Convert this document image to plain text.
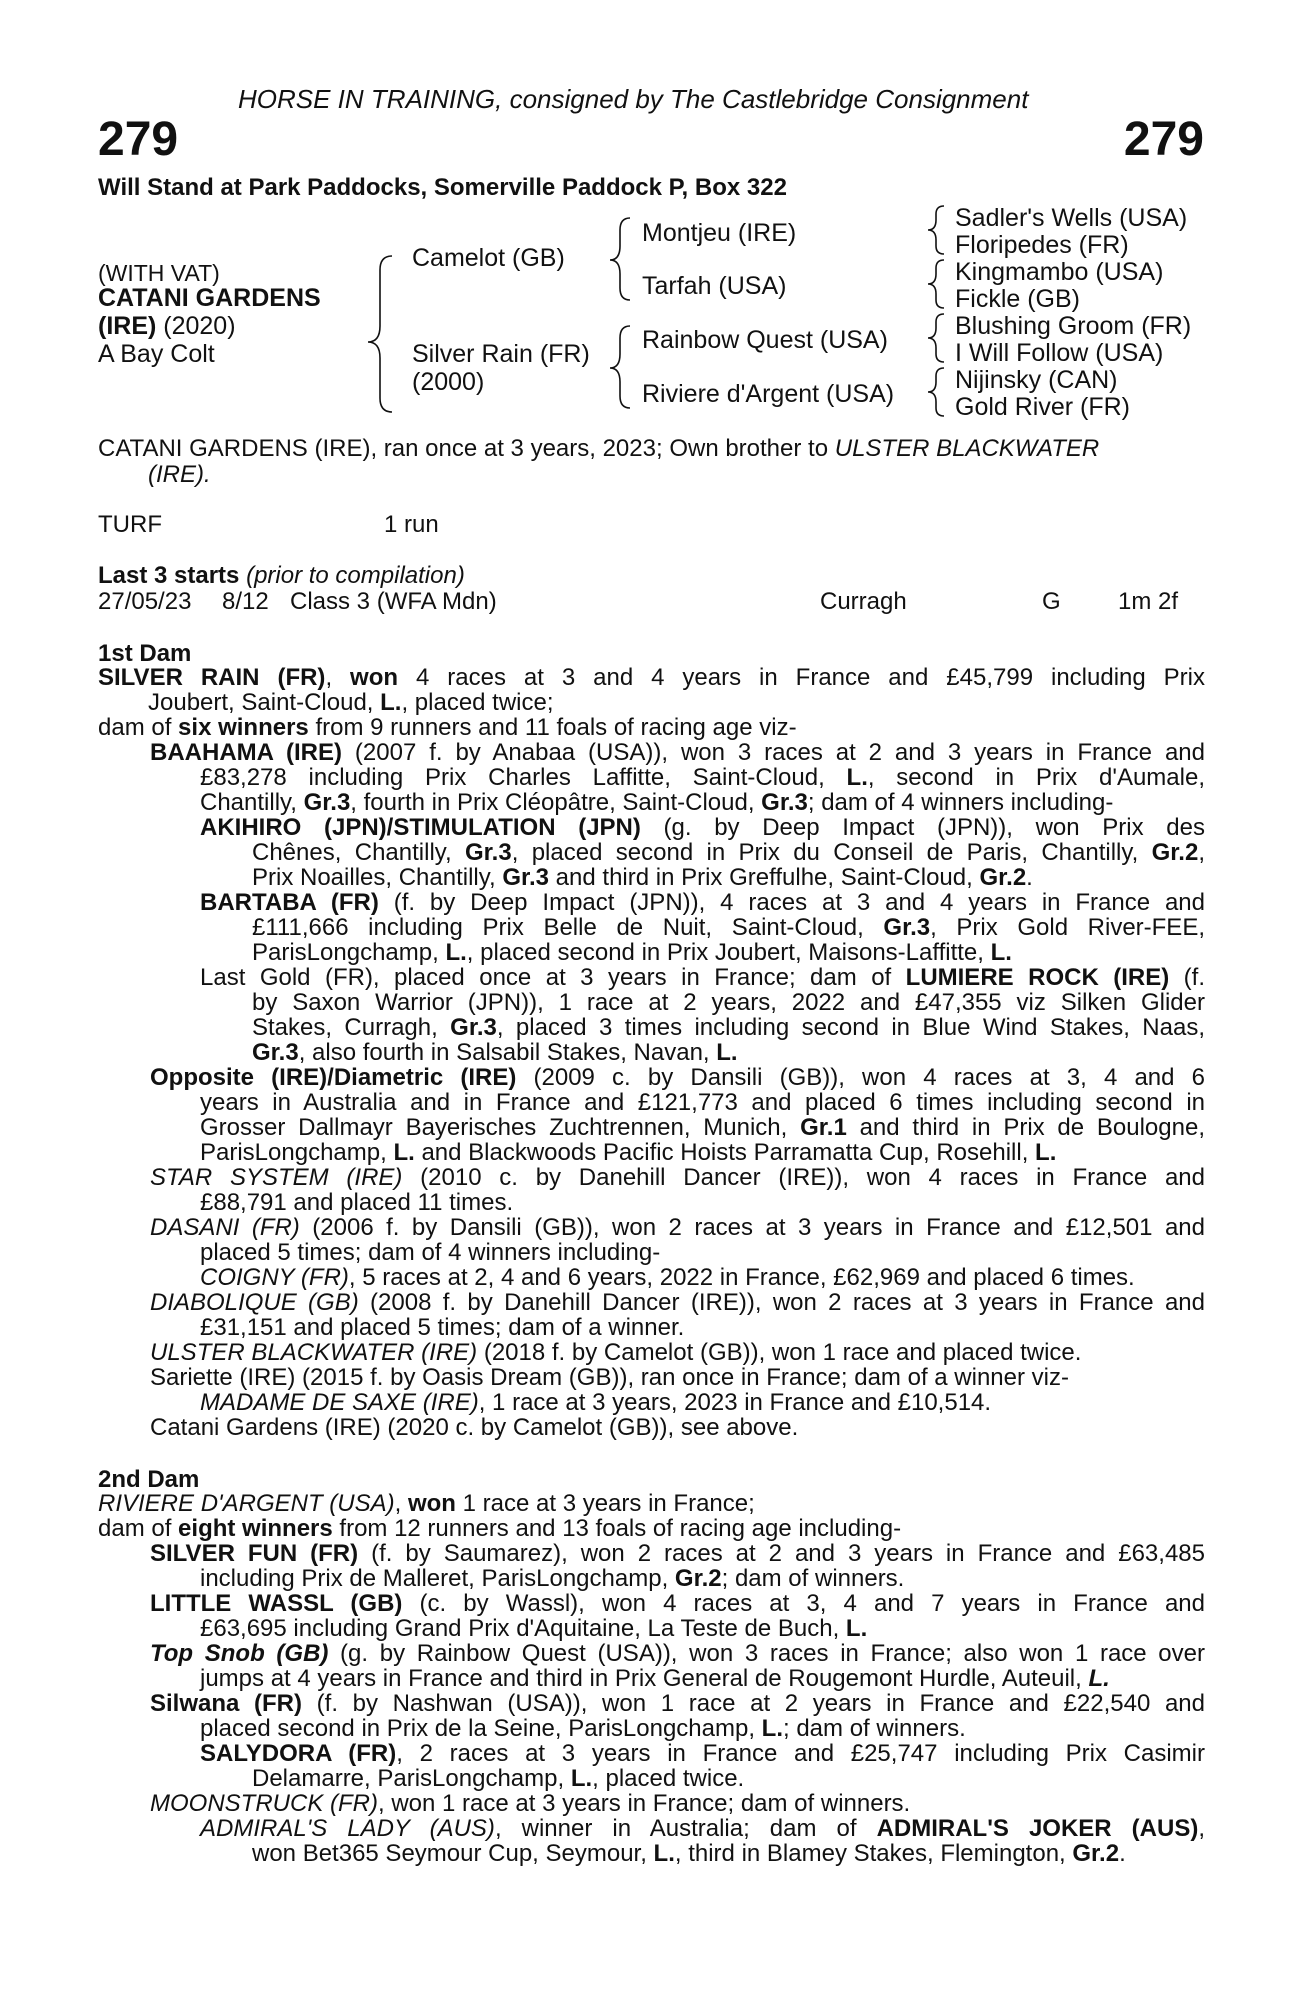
HORSE IN TRAINING, consigned by The Castlebridge Consignment
279	279
Will Stand at Park Paddocks, Somerville Paddock P, Box 322
(WITH VAT)
CATANI GARDENS
(IRE) (2020)
A Bay Colt
Camelot (GB)
Silver Rain (FR)
(2000)
Montjeu (IRE)
Tarfah (USA)
Rainbow Quest (USA)
Riviere d'Argent (USA)
Sadler's Wells (USA)
Floripedes (FR)
Kingmambo (USA)
Fickle (GB)
Blushing Groom (FR)
I Will Follow (USA)
Nijinsky (CAN)
Gold River (FR)
CATANI GARDENS (IRE), ran once at 3 years, 2023; Own brother to ULSTER BLACKWATER
(IRE).
TURF	1 run
Last 3 starts (prior to compilation)
27/05/23 8/12 Class 3 (WFA Mdn)	Curragh	G 1m 2f
1st Dam
SILVER RAIN (FR), won 4 races at 3 and 4 years in France and £45,799 including Prix
Joubert, Saint-Cloud, L., placed twice;
dam of six winners from 9 runners and 11 foals of racing age viz-
BAAHAMA (IRE) (2007 f. by Anabaa (USA)), won 3 races at 2 and 3 years in France and
£83,278 including Prix Charles Laffitte, Saint-Cloud, L., second in Prix d'Aumale,
Chantilly, Gr.3, fourth in Prix Cléopâtre, Saint-Cloud, Gr.3; dam of 4 winners including-
AKIHIRO (JPN)/STIMULATION (JPN) (g. by Deep Impact (JPN)), won Prix des
Chênes, Chantilly, Gr.3, placed second in Prix du Conseil de Paris, Chantilly, Gr.2,
Prix Noailles, Chantilly, Gr.3 and third in Prix Greffulhe, Saint-Cloud, Gr.2.
BARTABA (FR) (f. by Deep Impact (JPN)), 4 races at 3 and 4 years in France and
£111,666 including Prix Belle de Nuit, Saint-Cloud, Gr.3, Prix Gold River-FEE,
ParisLongchamp, L., placed second in Prix Joubert, Maisons-Laffitte, L.
Last Gold (FR), placed once at 3 years in France; dam of LUMIERE ROCK (IRE) (f.
by Saxon Warrior (JPN)), 1 race at 2 years, 2022 and £47,355 viz Silken Glider
Stakes, Curragh, Gr.3, placed 3 times including second in Blue Wind Stakes, Naas,
Gr.3, also fourth in Salsabil Stakes, Navan, L.
Opposite (IRE)/Diametric (IRE) (2009 c. by Dansili (GB)), won 4 races at 3, 4 and 6
years in Australia and in France and £121,773 and placed 6 times including second in
Grosser Dallmayr Bayerisches Zuchtrennen, Munich, Gr.1 and third in Prix de Boulogne,
ParisLongchamp, L. and Blackwoods Pacific Hoists Parramatta Cup, Rosehill, L.
STAR SYSTEM (IRE) (2010 c. by Danehill Dancer (IRE)), won 4 races in France and
£88,791 and placed 11 times.
DASANI (FR) (2006 f. by Dansili (GB)), won 2 races at 3 years in France and £12,501 and
placed 5 times; dam of 4 winners including-
COIGNY (FR), 5 races at 2, 4 and 6 years, 2022 in France, £62,969 and placed 6 times.
DIABOLIQUE (GB) (2008 f. by Danehill Dancer (IRE)), won 2 races at 3 years in France and
£31,151 and placed 5 times; dam of a winner.
ULSTER BLACKWATER (IRE) (2018 f. by Camelot (GB)), won 1 race and placed twice.
Sariette (IRE) (2015 f. by Oasis Dream (GB)), ran once in France; dam of a winner viz-
MADAME DE SAXE (IRE), 1 race at 3 years, 2023 in France and £10,514.
Catani Gardens (IRE) (2020 c. by Camelot (GB)), see above.
2nd Dam
RIVIERE D'ARGENT (USA), won 1 race at 3 years in France;
dam of eight winners from 12 runners and 13 foals of racing age including-
SILVER FUN (FR) (f. by Saumarez), won 2 races at 2 and 3 years in France and £63,485
including Prix de Malleret, ParisLongchamp, Gr.2; dam of winners.
LITTLE WASSL (GB) (c. by Wassl), won 4 races at 3, 4 and 7 years in France and
£63,695 including Grand Prix d'Aquitaine, La Teste de Buch, L.
Top Snob (GB) (g. by Rainbow Quest (USA)), won 3 races in France; also won 1 race over
jumps at 4 years in France and third in Prix General de Rougemont Hurdle, Auteuil, L.
Silwana (FR) (f. by Nashwan (USA)), won 1 race at 2 years in France and £22,540 and
placed second in Prix de la Seine, ParisLongchamp, L.; dam of winners.
SALYDORA (FR), 2 races at 3 years in France and £25,747 including Prix Casimir
Delamarre, ParisLongchamp, L., placed twice.
MOONSTRUCK (FR), won 1 race at 3 years in France; dam of winners.
ADMIRAL'S LADY (AUS), winner in Australia; dam of ADMIRAL'S JOKER (AUS),
won Bet365 Seymour Cup, Seymour, L., third in Blamey Stakes, Flemington, Gr.2.
